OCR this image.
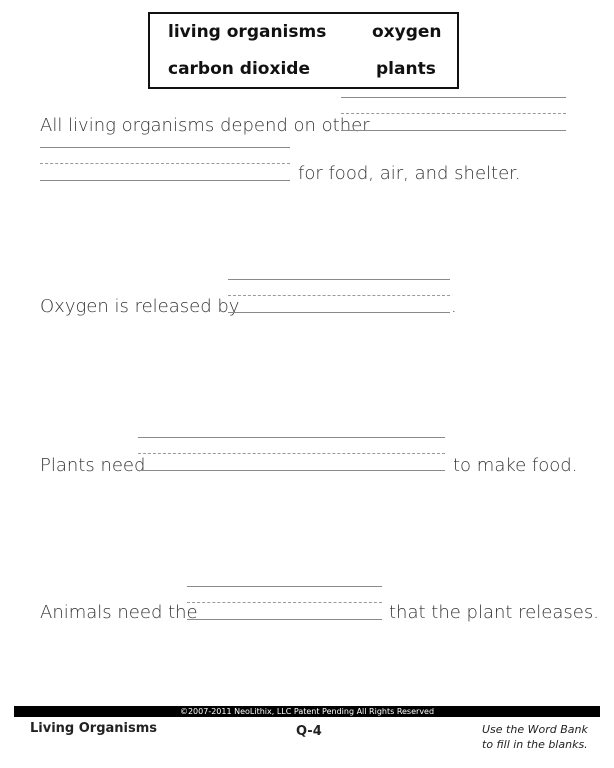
living organisms	oxygen
carbon dioxide	plants
All living organisms depend on other
for food, air, and shelter.
Oxygen is released by	.
Plants need	to make food.
Animals need the	that the plant releases.
©2007-2011 NeoLithix, LLC Patent Pending All Rights Reserved
Living Organisms	Q-4	Use the Word Bank
to fill in the blanks.
